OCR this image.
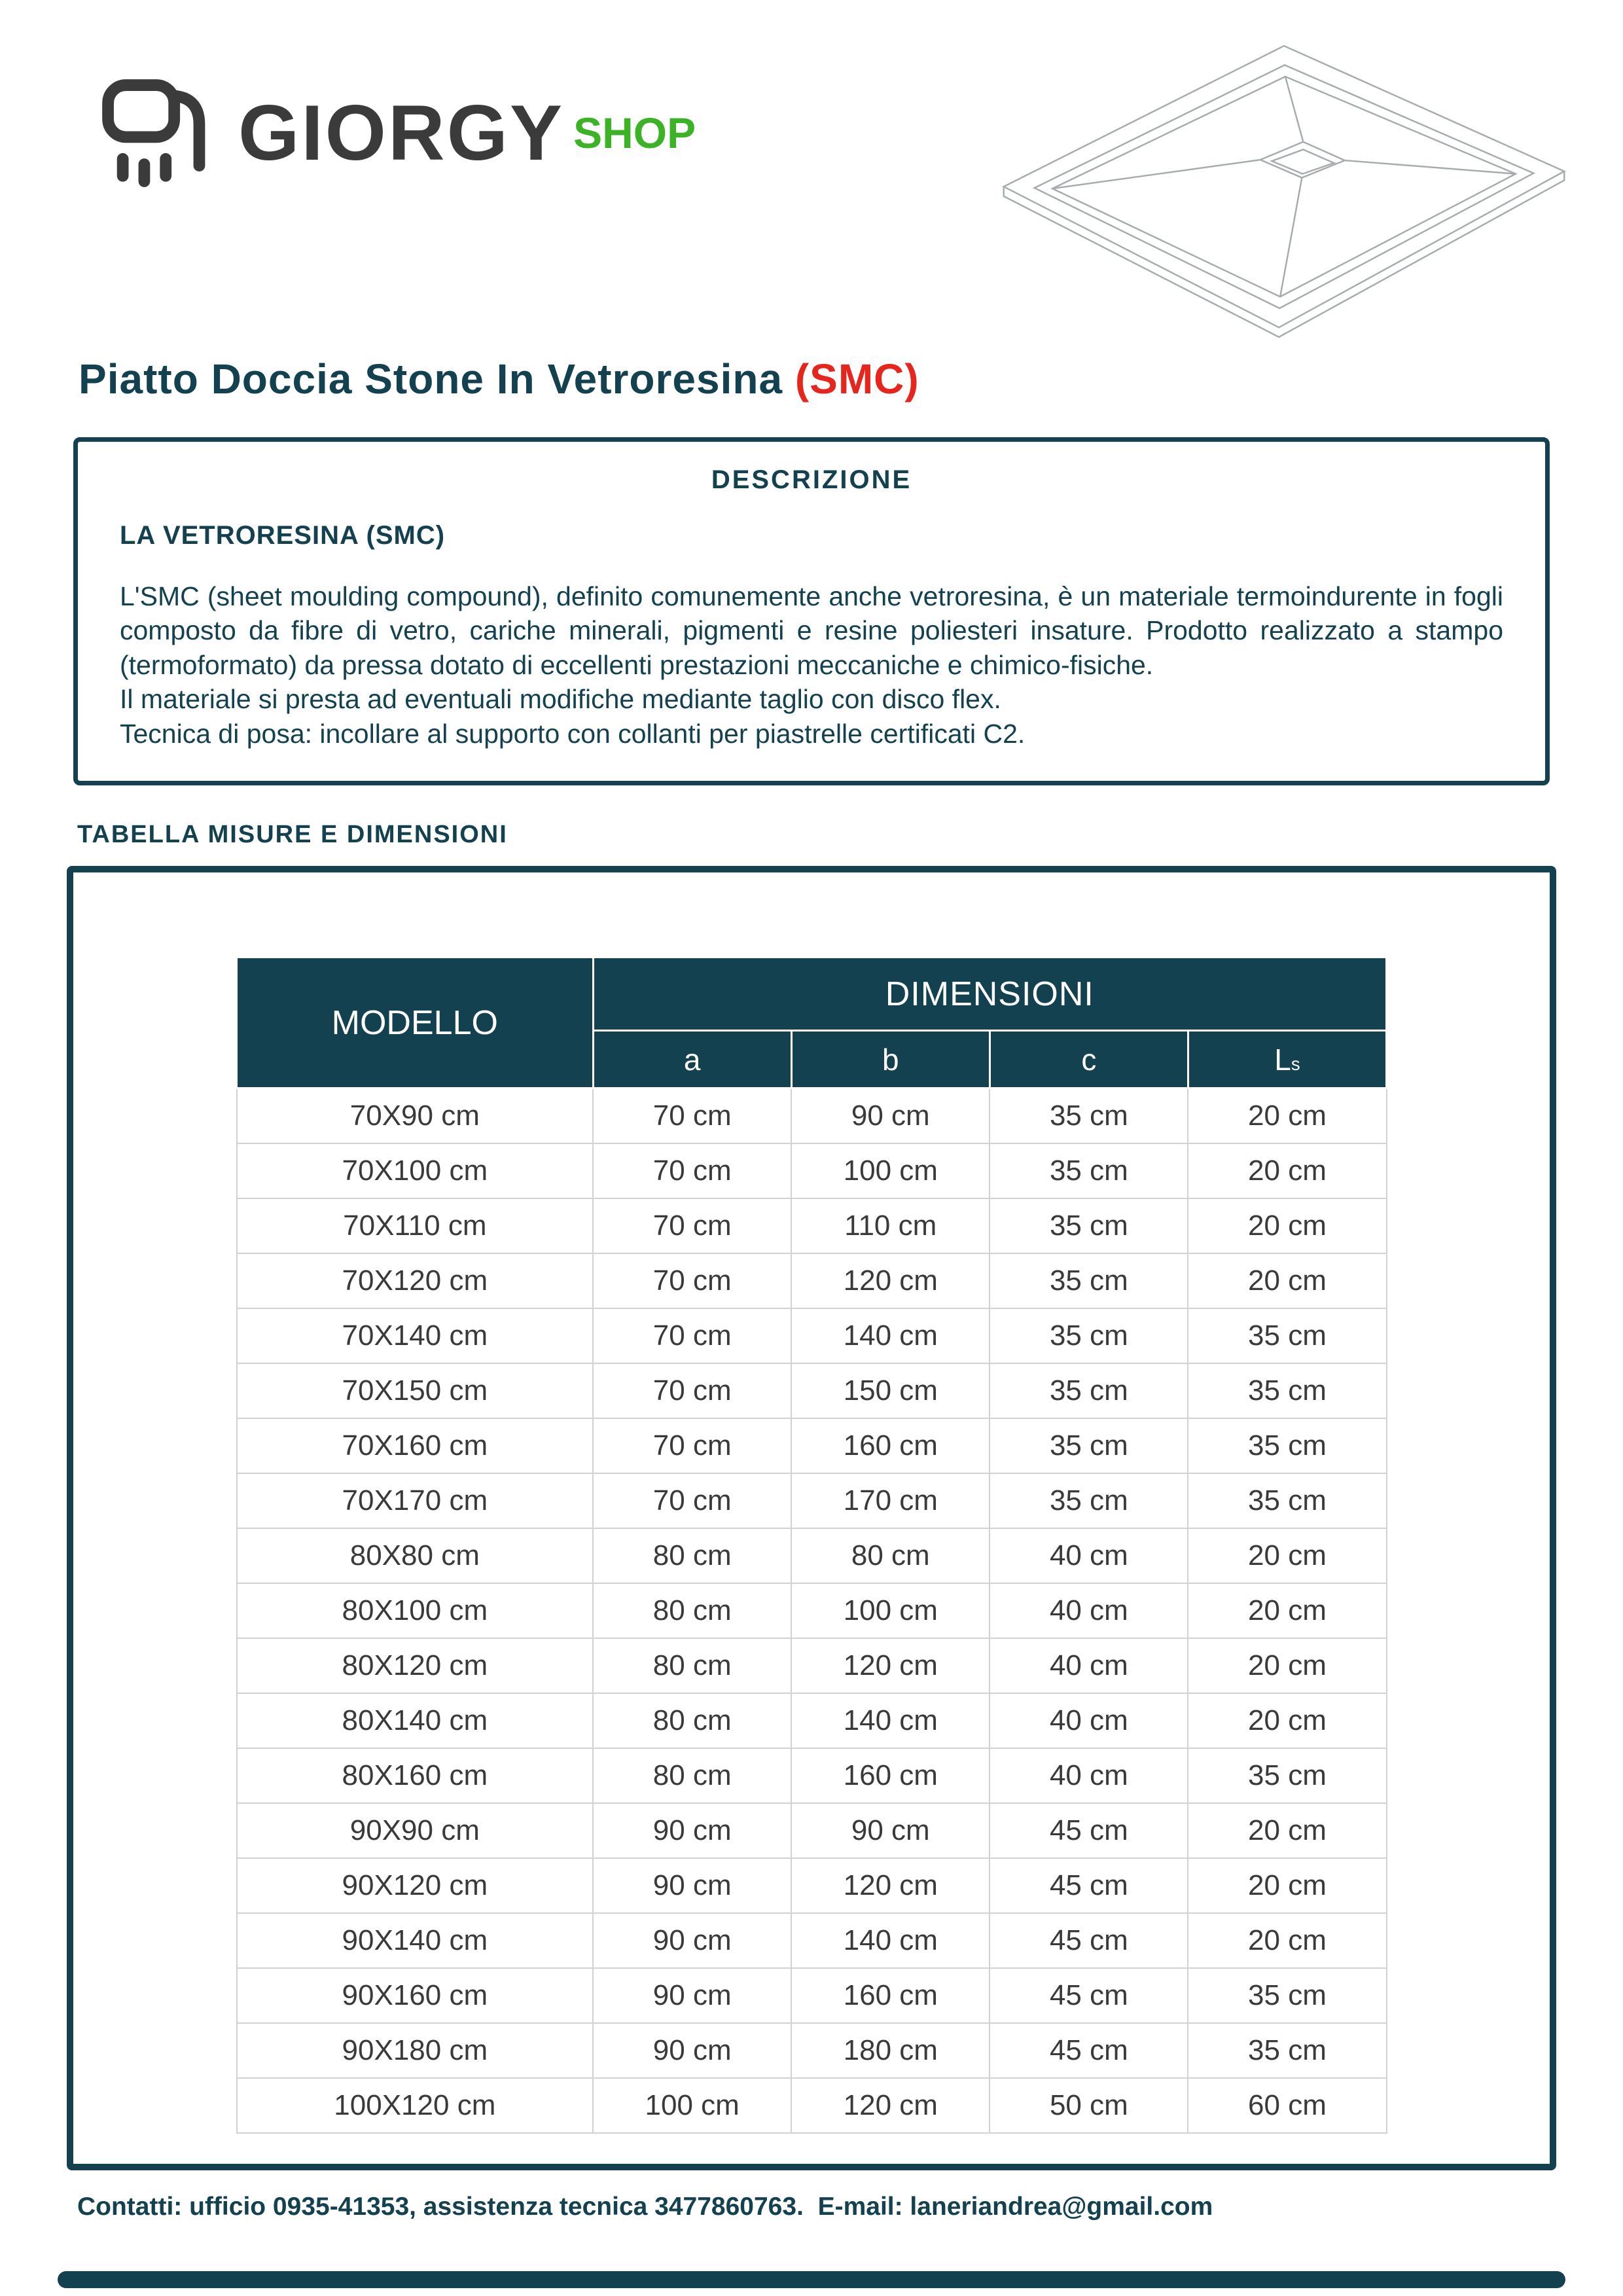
GIORGY SHOP
Piatto Doccia Stone In Vetroresina (SMC)
DESCRIZIONE
LA VETRORESINA (SMC)

L'SMC (sheet moulding compound), definito comunemente anche vetroresina, è un materiale termoindurente in fogli composto da fibre di vetro, cariche minerali, pigmenti e resine poliesteri insature. Prodotto realizzato a stampo (termoformato) da pressa dotato di eccellenti prestazioni meccaniche e chimico-fisiche.

Il materiale si presta ad eventuali modifiche mediante taglio con disco flex.

Tecnica di posa: incollare al supporto con collanti per piastrelle certificati C2.

TABELLA MISURE E DIMENSIONI
MODELLO	DIMENSIONI			
	a	b	c	Ls
70X90 cm	70 cm	90 cm	35 cm	20 cm
70X100 cm	70 cm	100 cm	35 cm	20 cm
70X110 cm	70 cm	110 cm	35 cm	20 cm
70X120 cm	70 cm	120 cm	35 cm	20 cm
70X140 cm	70 cm	140 cm	35 cm	35 cm
70X150 cm	70 cm	150 cm	35 cm	35 cm
70X160 cm	70 cm	160 cm	35 cm	35 cm
70X170 cm	70 cm	170 cm	35 cm	35 cm
80X80 cm	80 cm	80 cm	40 cm	20 cm
80X100 cm	80 cm	100 cm	40 cm	20 cm
80X120 cm	80 cm	120 cm	40 cm	20 cm
80X140 cm	80 cm	140 cm	40 cm	20 cm
80X160 cm	80 cm	160 cm	40 cm	35 cm
90X90 cm	90 cm	90 cm	45 cm	20 cm
90X120 cm	90 cm	120 cm	45 cm	20 cm
90X140 cm	90 cm	140 cm	45 cm	20 cm
90X160 cm	90 cm	160 cm	45 cm	35 cm
90X180 cm	90 cm	180 cm	45 cm	35 cm
100X120 cm	100 cm	120 cm	50 cm	60 cm
Contatti: ufficio 0935-41353, assistenza tecnica 3477860763.  E-mail: laneriandrea@gmail.com
